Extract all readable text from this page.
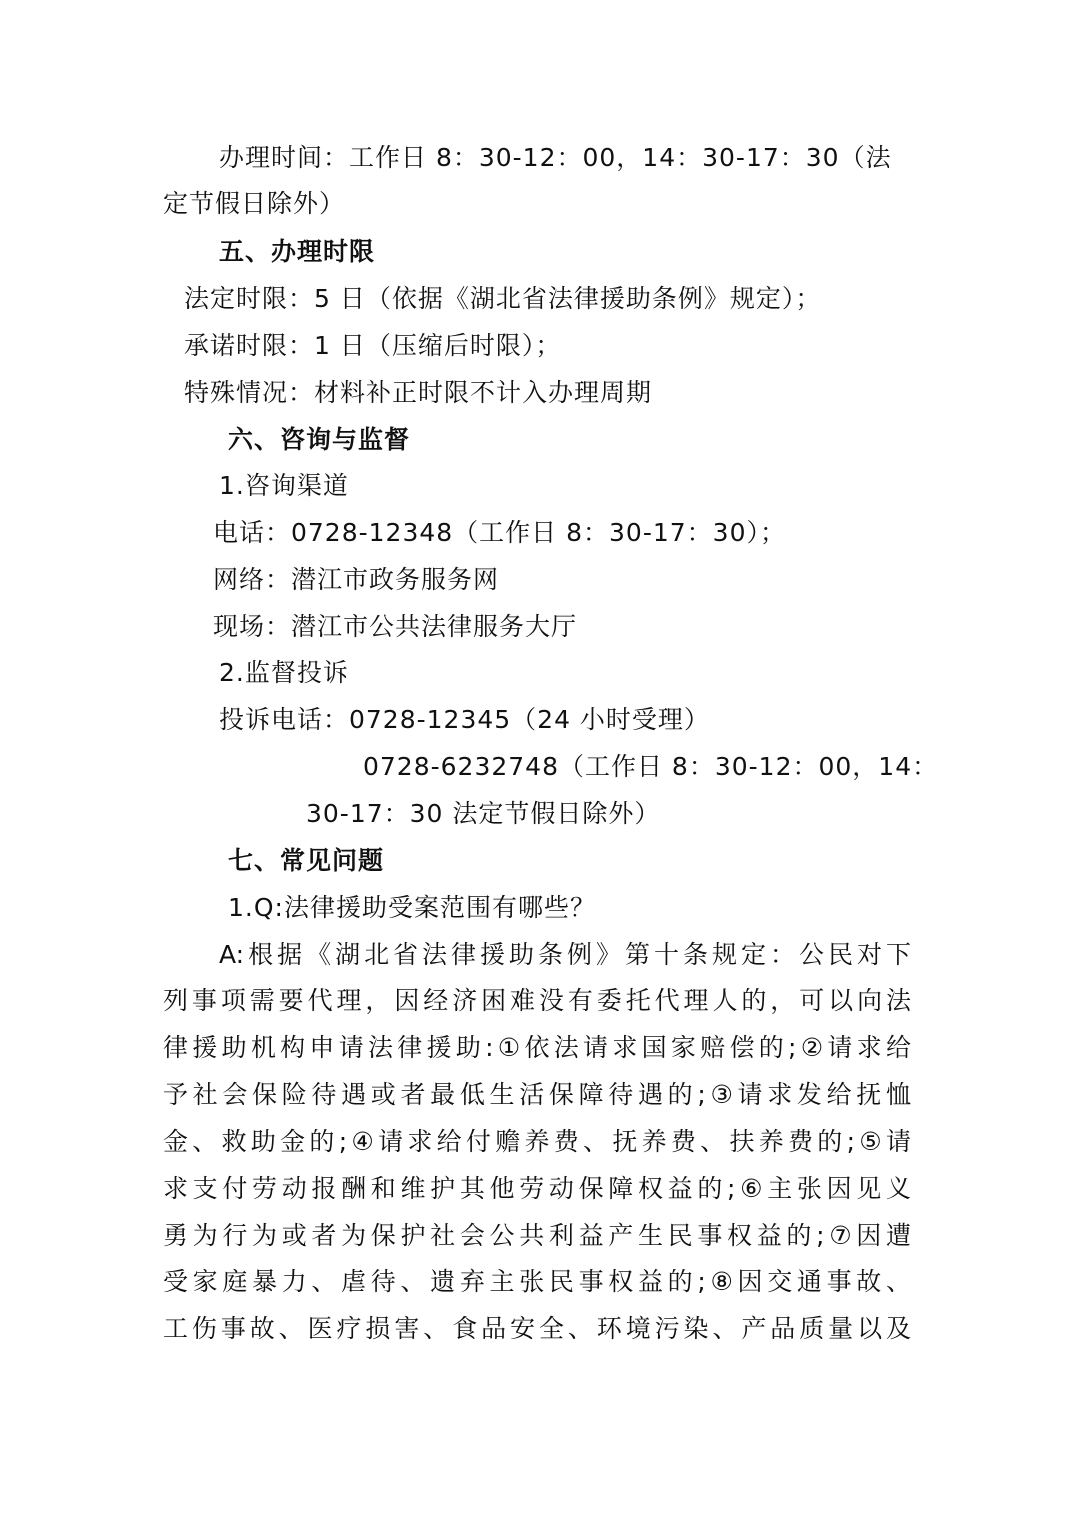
办理时间：工作日 8：30-12：00，14：30-17：30（法
定节假日除外）
五、办理时限
法定时限：5 日（依据《湖北省法律援助条例》规定）；
承诺时限：1 日（压缩后时限）；
特殊情况：材料补正时限不计入办理周期
六、咨询与监督
1.咨询渠道
电话：0728-12348（工作日 8：30-17：30）；
网络：潜江市政务服务网
现场：潜江市公共法律服务大厅
2.监督投诉
投诉电话：0728-12345（24 小时受理）
0728-6232748（工作日 8：30-12：00，14：
30-17：30 法定节假日除外）
七、常见问题
1.Q:法律援助受案范围有哪些？
A:根据《湖北省法律援助条例》第十条规定：公民对下
列事项需要代理，因经济困难没有委托代理人的，可以向法
律援助机构申请法律援助:①依法请求国家赔偿的;②请求给
予社会保险待遇或者最低生活保障待遇的;③请求发给抚恤
金、救助金的;④请求给付赡养费、抚养费、扶养费的;⑤请
求支付劳动报酬和维护其他劳动保障权益的;⑥主张因见义
勇为行为或者为保护社会公共利益产生民事权益的;⑦因遭
受家庭暴力、虐待、遗弃主张民事权益的;⑧因交通事故、
工伤事故、医疗损害、食品安全、环境污染、产品质量以及
